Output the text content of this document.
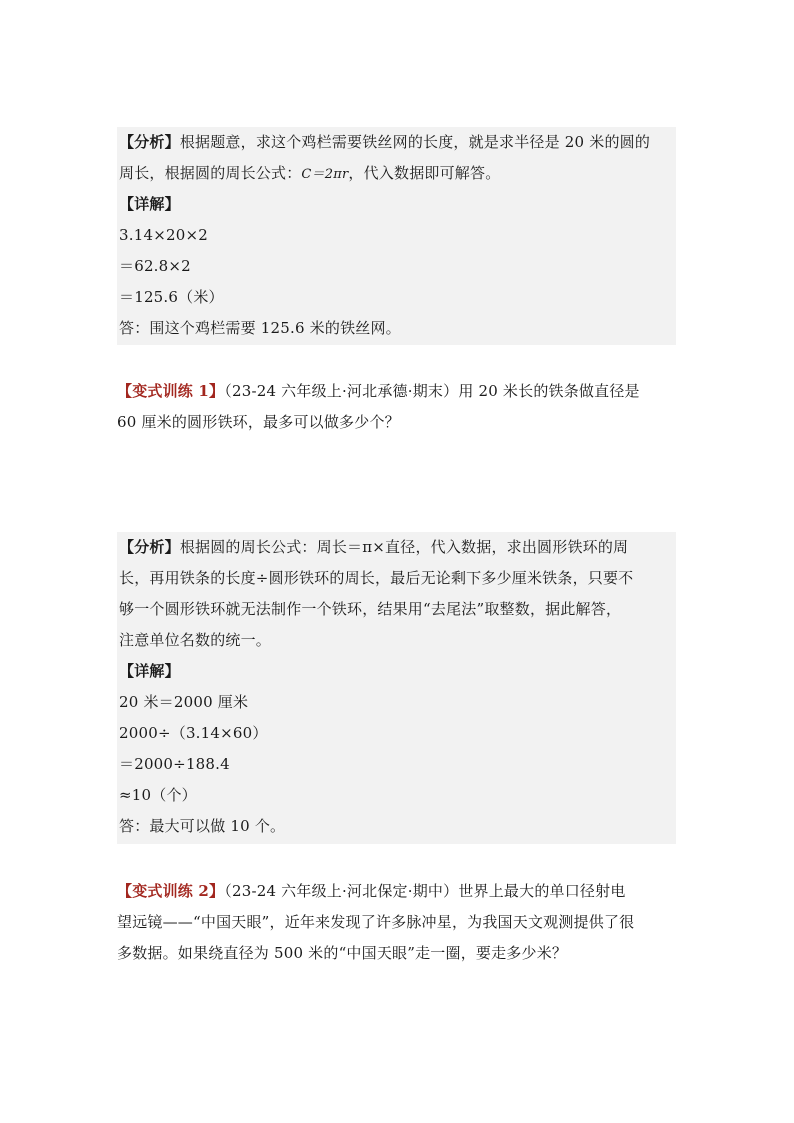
【分析】根据题意，求这个鸡栏需要铁丝网的长度，就是求半径是 20 米的圆的
周长，根据圆的周长公式：C＝2πr，代入数据即可解答。
【详解】
3.14×20×2
＝62.8×2
＝125.6（米）
答：围这个鸡栏需要 125.6 米的铁丝网。
【变式训练 1】（23-24 六年级上·河北承德·期末）用 20 米长的铁条做直径是
60 厘米的圆形铁环，最多可以做多少个？
【分析】根据圆的周长公式：周长＝π×直径，代入数据，求出圆形铁环的周
长，再用铁条的长度÷圆形铁环的周长，最后无论剩下多少厘米铁条，只要不
够一个圆形铁环就无法制作一个铁环，结果用“去尾法”取整数，据此解答，
注意单位名数的统一。
【详解】
20 米＝2000 厘米
2000÷（3.14×60）
＝2000÷188.4
≈10（个）
答：最大可以做 10 个。
【变式训练 2】（23-24 六年级上·河北保定·期中）世界上最大的单口径射电
望远镜——“中国天眼”，近年来发现了许多脉冲星，为我国天文观测提供了很
多数据。如果绕直径为 500 米的“中国天眼”走一圈，要走多少米？
